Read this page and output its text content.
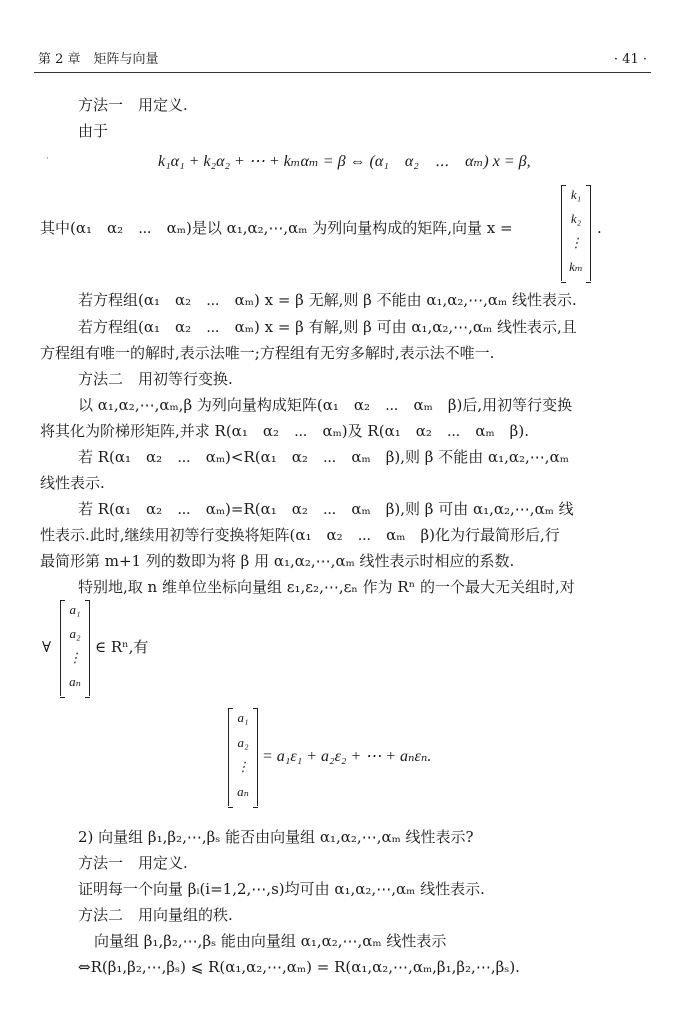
第 2 章　矩阵与向量	· 41 ·
方法一　用定义.
由于
·	k₁α₁ + k₂α₂ + ⋯ + kₘαₘ = β ⇔ (α₁　α₂　⋯　αₘ) x = β,
其中(α₁　α₂　⋯　αₘ)是以 α₁,α₂,⋯,αₘ 为列向量构成的矩阵,向量 x =
k₁
k₂
⋮
kₘ
.
若方程组(α₁　α₂　⋯　αₘ) x = β 无解,则 β 不能由 α₁,α₂,⋯,αₘ 线性表示.
若方程组(α₁　α₂　⋯　αₘ) x = β 有解,则 β 可由 α₁,α₂,⋯,αₘ 线性表示,且
方程组有唯一的解时,表示法唯一;方程组有无穷多解时,表示法不唯一.
方法二　用初等行变换.
以 α₁,α₂,⋯,αₘ,β 为列向量构成矩阵(α₁　α₂　⋯　αₘ　β)后,用初等行变换
将其化为阶梯形矩阵,并求 R(α₁　α₂　⋯　αₘ)及 R(α₁　α₂　⋯　αₘ　β).
若 R(α₁　α₂　⋯　αₘ)<R(α₁　α₂　⋯　αₘ　β),则 β 不能由 α₁,α₂,⋯,αₘ
线性表示.
若 R(α₁　α₂　⋯　αₘ)=R(α₁　α₂　⋯　αₘ　β),则 β 可由 α₁,α₂,⋯,αₘ 线
性表示.此时,继续用初等行变换将矩阵(α₁　α₂　⋯　αₘ　β)化为行最简形后,行
最简形第 m+1 列的数即为将 β 用 α₁,α₂,⋯,αₘ 线性表示时相应的系数.
特别地,取 n 维单位坐标向量组 ε₁,ε₂,⋯,εₙ 作为 Rⁿ 的一个最大无关组时,对
∀
a₁
a₂
⋮
aₙ
∈ Rⁿ,有
a₁
a₂
⋮
aₙ
= a₁ε₁ + a₂ε₂ + ⋯ + aₙεₙ.
2) 向量组 β₁,β₂,⋯,βₛ 能否由向量组 α₁,α₂,⋯,αₘ 线性表示?
方法一　用定义.
证明每一个向量 βᵢ(i=1,2,⋯,s)均可由 α₁,α₂,⋯,αₘ 线性表示.
方法二　用向量组的秩.
向量组 β₁,β₂,⋯,βₛ 能由向量组 α₁,α₂,⋯,αₘ 线性表示
⇔R(β₁,β₂,⋯,βₛ) ⩽ R(α₁,α₂,⋯,αₘ) = R(α₁,α₂,⋯,αₘ,β₁,β₂,⋯,βₛ).
